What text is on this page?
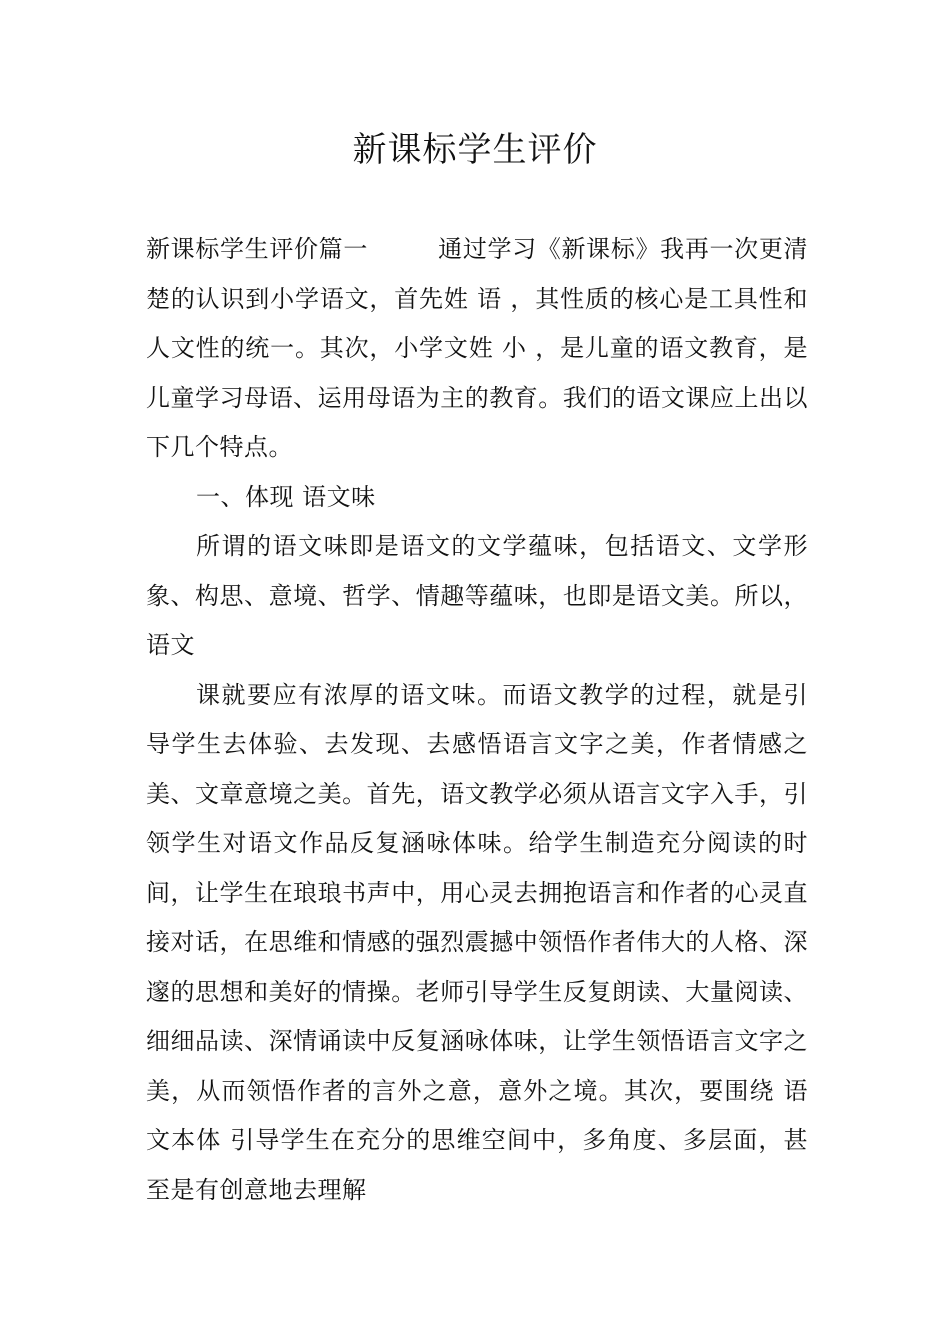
新课标学生评价

新课标学生评价篇一	通过学习《新课标》我再一次更清楚的认识到小学语文，首先姓 语 ，其性质的核心是工具性和人文性的统一。其次，小学文姓 小 ，是儿童的语文教育，是儿童学习母语、运用母语为主的教育。我们的语文课应上出以下几个特点。

一、体现 语文味

所谓的语文味即是语文的文学蕴味，包括语文、文学形象、构思、意境、哲学、情趣等蕴味，也即是语文美。所以，语文

课就要应有浓厚的语文味。而语文教学的过程，就是引导学生去体验、去发现、去感悟语言文字之美，作者情感之美、文章意境之美。首先，语文教学必须从语言文字入手，引领学生对语文作品反复涵咏体味。给学生制造充分阅读的时间，让学生在琅琅书声中，用心灵去拥抱语言和作者的心灵直接对话，在思维和情感的强烈震撼中领悟作者伟大的人格、深邃的思想和美好的情操。老师引导学生反复朗读、大量阅读、细细品读、深情诵读中反复涵咏体味，让学生领悟语言文字之美，从而领悟作者的言外之意，意外之境。其次，要围绕 语文本体 引导学生在充分的思维空间中，多角度、多层面，甚至是有创意地去理解
